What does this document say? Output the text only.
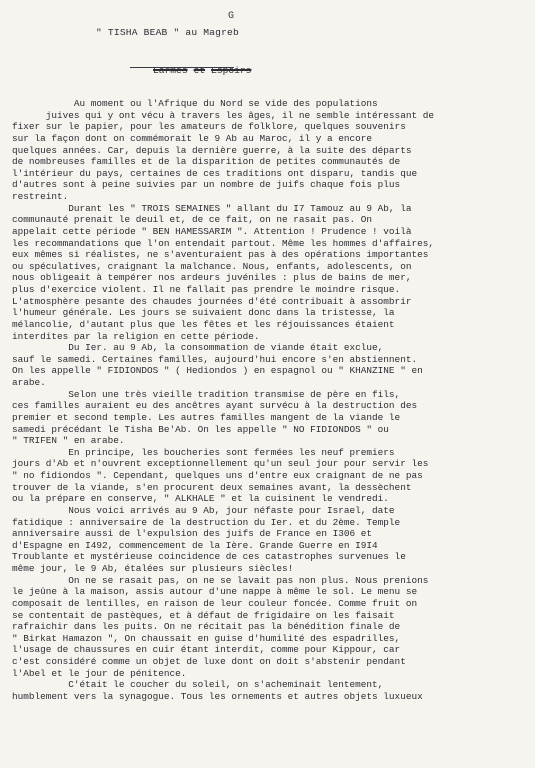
G
" TISHA BEAB " au Magreb

Larmes et Espoirs

Au moment ou l'Afrique du Nord se vide des populations
juives qui y ont vécu à travers les âges, il ne semble intéressant de
fixer sur le papier, pour les amateurs de folklore, quelques souvenirs
sur la façon dont on commémorait le 9 Ab au Maroc, il y a encore
quelques années. Car, depuis la dernière guerre, à la suite des départs
de nombreuses familles et de la disparition de petites communautés de
l'intérieur du pays, certaines de ces traditions ont disparu, tandis que
d'autres sont à peine suivies par un nombre de juifs chaque fois plus
restreint.
Durant les " TROIS SEMAINES " allant du I7 Tamouz au 9 Ab, la
communauté prenait le deuil et, de ce fait, on ne rasait pas. On
appelait cette période " BEN HAMESSARIM ". Attention ! Prudence ! voilà
les recommandations que l'on entendait partout. Même les hommes d'affaires,
eux mêmes si réalistes, ne s'aventuraient pas à des opérations importantes
ou spéculatives, craignant la malchance. Nous, enfants, adolescents, on
nous obligeait à tempérer nos ardeurs juvéniles : plus de bains de mer,
plus d'exercice violent. Il ne fallait pas prendre le moindre risque.
L'atmosphère pesante des chaudes journées d'été contribuait à assombrir
l'humeur générale. Les jours se suivaient donc dans la tristesse, la
mélancolie, d'autant plus que les fêtes et les réjouissances étaient
interdites par la religion en cette période.
Du Ier. au 9 Ab, la consommation de viande était exclue,
sauf le samedi. Certaines familles, aujourd'hui encore s'en abstiennent.
On les appelle " FIDIONDOS " ( Hediondos ) en espagnol ou " KHANZINE " en
arabe.
Selon une très vieille tradition transmise de père en fils,
ces familles auraient eu des ancêtres ayant survécu à la destruction des
premier et second temple. Les autres familles mangent de la viande le
samedi précédant le Tisha Be'Ab. On les appelle " NO FIDIONDOS " ou
" TRIFEN " en arabe.
En principe, les boucheries sont fermées les neuf premiers
jours d'Ab et n'ouvrent exceptionnellement qu'un seul jour pour servir les
" no fidiondos ". Cependant, quelques uns d'entre eux craignant de ne pas
trouver de la viande, s'en procurent deux semaines avant, la dessèchent
ou la prépare en conserve, " ALKHALE " et la cuisinent le vendredi.
Nous voici arrivés au 9 Ab, jour néfaste pour Israel, date
fatidique : anniversaire de la destruction du Ier. et du 2ème. Temple
anniversaire aussi de l'expulsion des juifs de France en I306 et
d'Espagne en I492, commencement de la Ière. Grande Guerre en I9I4
Troublante et mystérieuse coincidence de ces catastrophes survenues le
même jour, le 9 Ab, étalées sur plusieurs siècles!
On ne se rasait pas, on ne se lavait pas non plus. Nous prenions
le jeûne à la maison, assis autour d'une nappe à même le sol. Le menu se
composait de lentilles, en raison de leur couleur foncée. Comme fruit on
se contentait de pastèques, et à défaut de frigidaire on les faisait
rafraichir dans les puits. On ne récitait pas la bénédition finale de
" Birkat Hamazon ", On chaussait en guise d'humilité des espadrilles,
l'usage de chaussures en cuir étant interdit, comme pour Kippour, car
c'est considéré comme un objet de luxe dont on doit s'abstenir pendant
l'Abel et le jour de pénitence.
C'était le coucher du soleil, on s'acheminait lentement,
humblement vers la synagogue. Tous les ornements et autres objets luxueux
